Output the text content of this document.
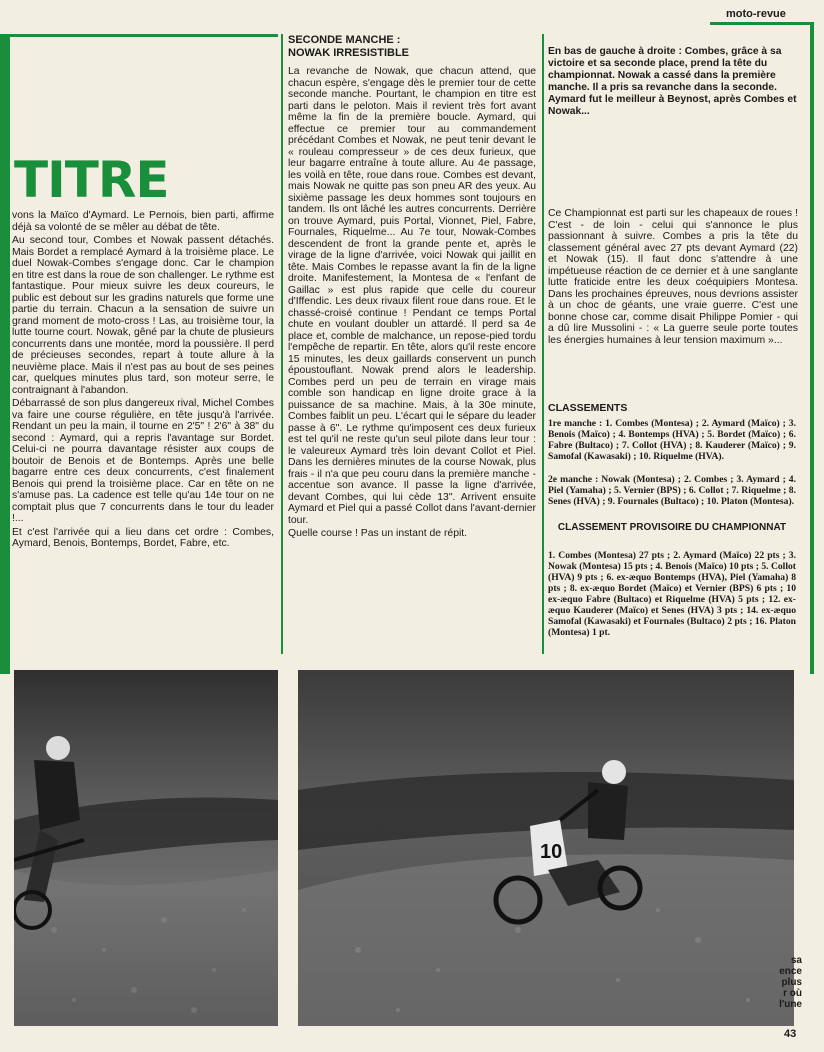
moto-revue
TITRE

vons la Maïco d'Aymard. Le Pernois, bien parti, affirme déjà sa volonté de se mêler au débat de tête.

Au second tour, Combes et Nowak passent détachés. Mais Bordet a remplacé Aymard à la troisième place. Le duel Nowak-Combes s'engage donc. Car le champion en titre est dans la roue de son challenger. Le rythme est fantastique. Pour mieux suivre les deux coureurs, le public est debout sur les gradins naturels que forme une partie du terrain. Chacun a la sensation de suivre un grand moment de moto-cross ! Las, au troisième tour, la lutte tourne court. Nowak, gêné par la chute de plusieurs concurrents dans une montée, mord la poussière. Il perd de précieuses secondes, repart à toute allure à la neuvième place. Mais il n'est pas au bout de ses peines car, quelques minutes plus tard, son moteur serre, le contraignant à l'abandon.

Débarrassé de son plus dangereux rival, Michel Combes va faire une course régulière, en tête jusqu'à l'arrivée. Rendant un peu la main, il tourne en 2'5" ! 2'6" à 38" du second : Aymard, qui a repris l'avantage sur Bordet. Celui-ci ne pourra davantage résister aux coups de boutoir de Benois et de Bontemps. Après une belle bagarre entre ces deux concurrents, c'est finalement Benois qui prend la troisième place. Car en tête on ne s'amuse pas. La cadence est telle qu'au 14e tour on ne comptait plus que 7 concurrents dans le tour du leader !...

Et c'est l'arrivée qui a lieu dans cet ordre : Combes, Aymard, Benois, Bontemps, Bordet, Fabre, etc.

SECONDE MANCHE :
NOWAK IRRESISTIBLE

La revanche de Nowak, que chacun attend, que chacun espère, s'engage dès le premier tour de cette seconde manche. Pourtant, le champion en titre est parti dans le peloton. Mais il revient très fort avant même la fin de la première boucle. Aymard, qui effectue ce premier tour au commandement précédant Combes et Nowak, ne peut tenir devant le « rouleau compresseur » de ces deux furieux, que leur bagarre entraîne à toute allure. Au 4e passage, les voilà en tête, roue dans roue. Combes est devant, mais Nowak ne quitte pas son pneu AR des yeux. Au sixième passage les deux hommes sont toujours en tandem. Ils ont lâché les autres concurrents. Derrière on trouve Aymard, puis Portal, Vionnet, Piel, Fabre, Fournales, Riquelme... Au 7e tour, Nowak-Combes descendent de front la grande pente et, après le virage de la ligne d'arrivée, voici Nowak qui jaillit en tête. Mais Combes le repasse avant la fin de la ligne droite. Manifestement, la Montesa de « l'enfant de Gaillac » est plus rapide que celle du coureur d'Iffendic. Les deux rivaux filent roue dans roue. Et le chassé-croisé continue ! Pendant ce temps Portal chute en voulant doubler un attardé. Il perd sa 4e place et, comble de malchance, un repose-pied tordu l'empêche de repartir. En tête, alors qu'il reste encore 15 minutes, les deux gaillards conservent un punch époustouflant. Nowak prend alors le leadership. Combes perd un peu de terrain en virage mais comble son handicap en ligne droite grace à la puissance de sa machine. Mais, à la 30e minute, Combes faiblit un peu. L'écart qui le sépare du leader passe à 6". Le rythme qu'imposent ces deux furieux est tel qu'il ne reste qu'un seul pilote dans leur tour : le valeureux Aymard très loin devant Collot et Piel. Dans les dernières minutes de la course Nowak, plus frais - il n'a que peu couru dans la première manche - accentue son avance. Il passe la ligne d'arrivée, devant Combes, qui lui cède 13". Arrivent ensuite Aymard et Piel qui a passé Collot dans l'avant-dernier tour.

Quelle course ! Pas un instant de répit.

En bas de gauche à droite : Combes, grâce à sa victoire et sa seconde place, prend la tête du championnat. Nowak a cassé dans la première manche. Il a pris sa revanche dans la seconde. Aymard fut le meilleur à Beynost, après Combes et Nowak...

Ce Championnat est parti sur les chapeaux de roues ! C'est - de loin - celui qui s'annonce le plus passionnant à suivre. Combes a pris la tête du classement général avec 27 pts devant Aymard (22) et Nowak (15). Il faut donc s'attendre à une impétueuse réaction de ce dernier et à une sanglante lutte fraticide entre les deux coéquipiers Montesa. Dans les prochaines épreuves, nous devrions assister à un choc de géants, une vraie guerre. C'est une bonne chose car, comme disait Philippe Pomier - qui a dû lire Mussolini - : « La guerre seule porte toutes les énergies humaines à leur tension maximum »...

CLASSEMENTS
1re manche : 1. Combes (Montesa) ; 2. Aymard (Maïco) ; 3. Benois (Maïco) ; 4. Bontemps (HVA) ; 5. Bordet (Maïco) ; 6. Fabre (Bultaco) ; 7. Collot (HVA) ; 8. Kauderer (Maïco) ; 9. Samofal (Kawasaki) ; 10. Riquelme (HVA).
2e manche : Nowak (Montesa) ; 2. Combes ; 3. Aymard ; 4. Piel (Yamaha) ; 5. Vernier (BPS) ; 6. Collot ; 7. Riquelme ; 8. Senes (HVA) ; 9. Fournales (Bultaco) ; 10. Platon (Montesa).
CLASSEMENT PROVISOIRE DU CHAMPIONNAT
1. Combes (Montesa) 27 pts ; 2. Aymard (Maïco) 22 pts ; 3. Nowak (Montesa) 15 pts ; 4. Benois (Maïco) 10 pts ; 5. Collot (HVA) 9 pts ; 6. ex-æquo Bontemps (HVA), Piel (Yamaha) 8 pts ; 8. ex-æquo Bordet (Maïco) et Vernier (BPS) 6 pts ; 10 ex-æquo Fabre (Bultaco) et Riquelme (HVA) 5 pts ; 12. ex-æquo Kauderer (Maïco) et Senes (HVA) 3 pts ; 14. ex-æquo Samofal (Kawasaki) et Fournales (Bultaco) 2 pts ; 16. Platon (Montesa) 1 pt.
10
sa
ence
plus
r où
l'une
43
